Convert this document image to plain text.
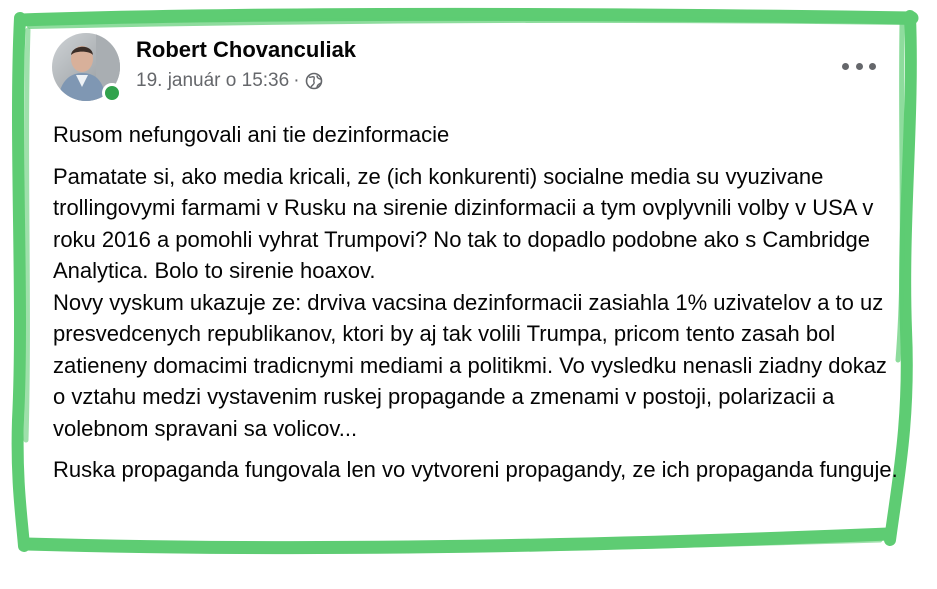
Robert Chovanculiak
19. január o 15:36 ·

Rusom nefungovali ani tie dezinformacie

Pamatate si, ako media kricali, ze (ich konkurenti) socialne media su vyuzivane trollingovymi farmami v Rusku na sirenie dizinformacii a tym ovplyvnili volby v USA v roku 2016 a pomohli vyhrat Trumpovi? No tak to dopadlo podobne ako s Cambridge Analytica. Bolo to sirenie hoaxov.
Novy vyskum ukazuje ze: drviva vacsina dezinformacii zasiahla 1% uzivatelov a to uz presvedcenych republikanov, ktori by aj tak volili Trumpa, pricom tento zasah bol zatieneny domacimi tradicnymi mediami a politikmi. Vo vysledku nenasli ziadny dokaz o vztahu medzi vystavenim ruskej propagande a zmenami v postoji, polarizacii a volebnom spravani sa volicov...

Ruska propaganda fungovala len vo vytvoreni propagandy, ze ich propaganda funguje.
